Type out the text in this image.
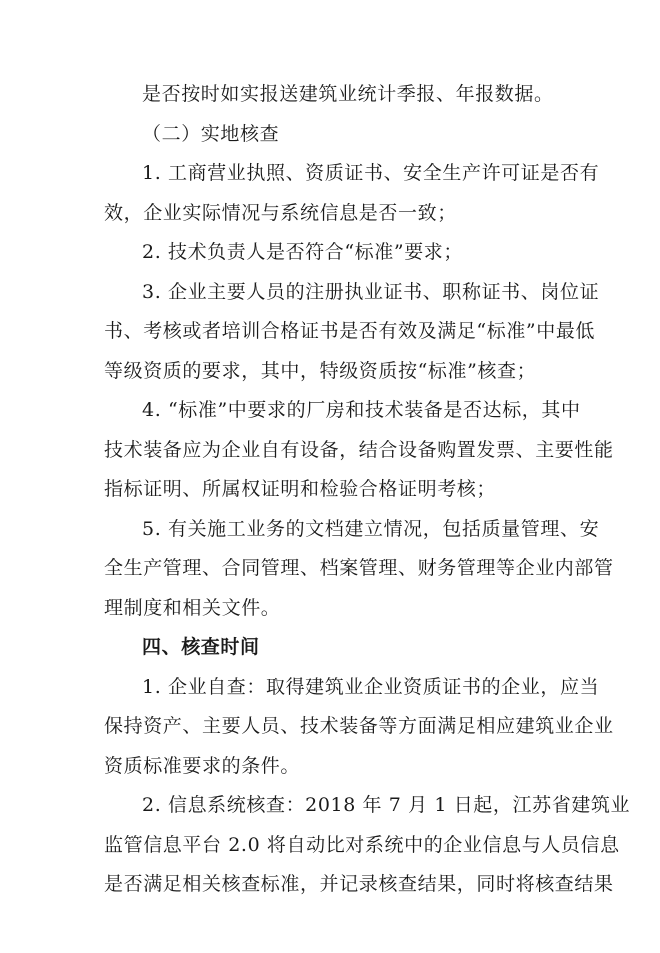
是否按时如实报送建筑业统计季报、年报数据。
（二）实地核查
1. 工商营业执照、资质证书、安全生产许可证是否有
效，企业实际情况与系统信息是否一致；
2. 技术负责人是否符合“标准”要求；
3. 企业主要人员的注册执业证书、职称证书、岗位证
书、考核或者培训合格证书是否有效及满足“标准”中最低
等级资质的要求，其中，特级资质按“标准”核查；
4. “标准”中要求的厂房和技术装备是否达标，其中
技术装备应为企业自有设备，结合设备购置发票、主要性能
指标证明、所属权证明和检验合格证明考核；
5. 有关施工业务的文档建立情况，包括质量管理、安
全生产管理、合同管理、档案管理、财务管理等企业内部管
理制度和相关文件。
四、核查时间
1. 企业自查：取得建筑业企业资质证书的企业，应当
保持资产、主要人员、技术装备等方面满足相应建筑业企业
资质标准要求的条件。
2. 信息系统核查：2018 年 7 月 1 日起，江苏省建筑业
监管信息平台 2.0 将自动比对系统中的企业信息与人员信息
是否满足相关核查标准，并记录核查结果，同时将核查结果
